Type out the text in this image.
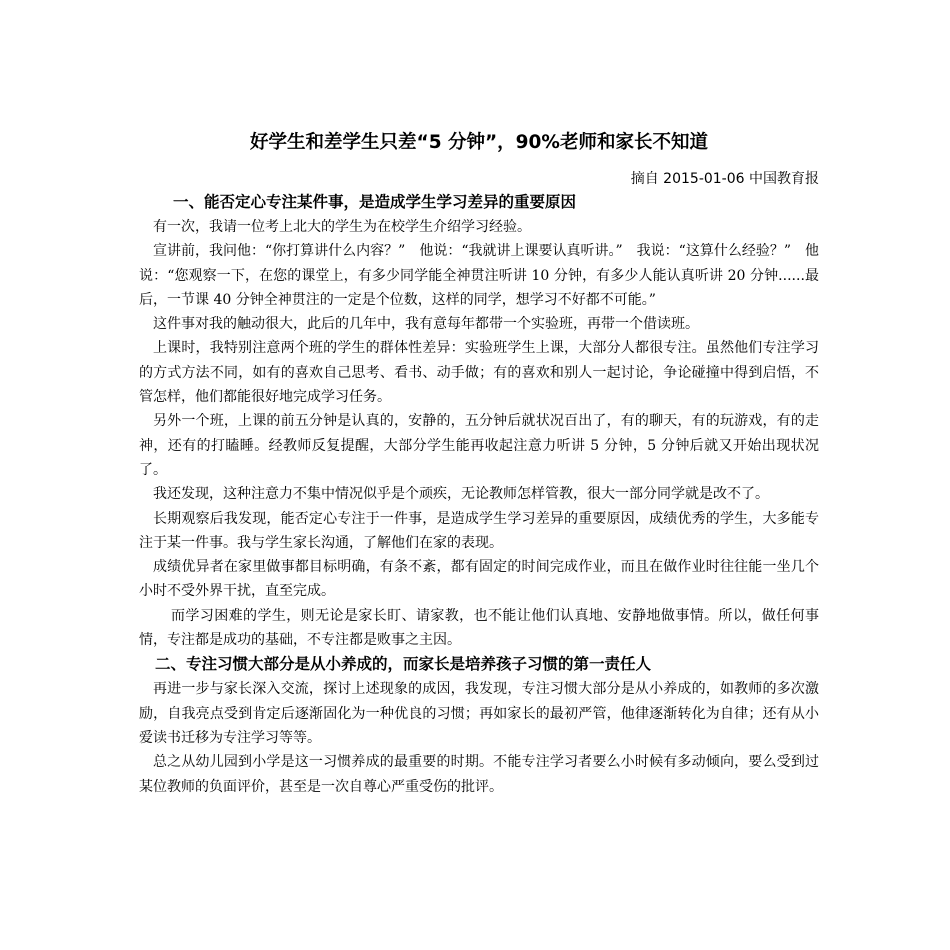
好学生和差学生只差“5 分钟”，90%老师和家长不知道

摘自 2015-01-06 中国教育报

一、能否定心专注某件事，是造成学生学习差异的重要原因

有一次，我请一位考上北大的学生为在校学生介绍学习经验。

宣讲前，我问他：“你打算讲什么内容？”　他说：“我就讲上课要认真听讲。”　我说：“这算什么经验？”　他说：“您观察一下，在您的课堂上，有多少同学能全神贯注听讲 10 分钟，有多少人能认真听讲 20 分钟......最后，一节课 40 分钟全神贯注的一定是个位数，这样的同学，想学习不好都不可能。”

这件事对我的触动很大，此后的几年中，我有意每年都带一个实验班，再带一个借读班。

上课时，我特别注意两个班的学生的群体性差异：实验班学生上课，大部分人都很专注。虽然他们专注学习的方式方法不同，如有的喜欢自己思考、看书、动手做；有的喜欢和别人一起讨论，争论碰撞中得到启悟，不管怎样，他们都能很好地完成学习任务。

另外一个班，上课的前五分钟是认真的，安静的，五分钟后就状况百出了，有的聊天，有的玩游戏，有的走神，还有的打瞌睡。经教师反复提醒，大部分学生能再收起注意力听讲 5 分钟，5 分钟后就又开始出现状况了。

我还发现，这种注意力不集中情况似乎是个顽疾，无论教师怎样管教，很大一部分同学就是改不了。

长期观察后我发现，能否定心专注于一件事，是造成学生学习差异的重要原因，成绩优秀的学生，大多能专注于某一件事。我与学生家长沟通，了解他们在家的表现。

成绩优异者在家里做事都目标明确，有条不紊，都有固定的时间完成作业，而且在做作业时往往能一坐几个小时不受外界干扰，直至完成。

而学习困难的学生，则无论是家长盯、请家教，也不能让他们认真地、安静地做事情。所以，做任何事情，专注都是成功的基础，不专注都是败事之主因。

二、专注习惯大部分是从小养成的，而家长是培养孩子习惯的第一责任人

再进一步与家长深入交流，探讨上述现象的成因，我发现，专注习惯大部分是从小养成的，如教师的多次激励，自我亮点受到肯定后逐渐固化为一种优良的习惯；再如家长的最初严管，他律逐渐转化为自律；还有从小爱读书迁移为专注学习等等。

总之从幼儿园到小学是这一习惯养成的最重要的时期。不能专注学习者要么小时候有多动倾向，要么受到过某位教师的负面评价，甚至是一次自尊心严重受伤的批评。
